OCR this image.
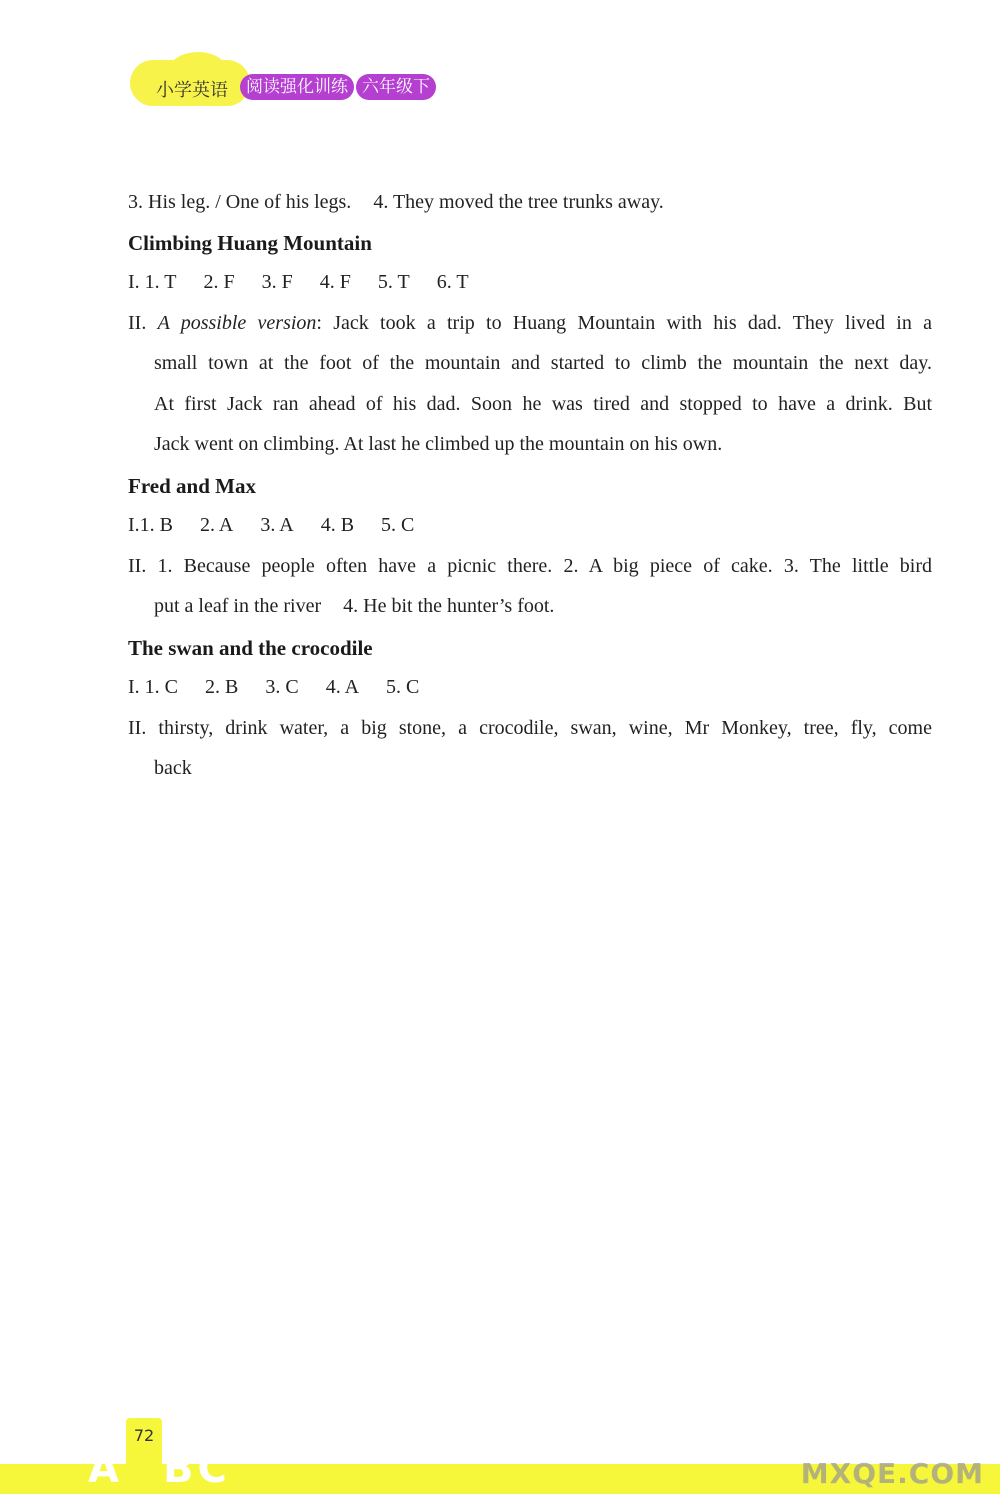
小学英语	阅读强化训练 六年级下
3. His leg. / One of his legs. 4. They moved the tree trunks away.
Climbing Huang Mountain
I. 1. T 2. F 3. F 4. F 5. T 6. T
II. A possible version: Jack took a trip to Huang Mountain with his dad. They lived in a
small town at the foot of the mountain and started to climb the mountain the next day.
At first Jack ran ahead of his dad. Soon he was tired and stopped to have a drink. But
Jack went on climbing. At last he climbed up the mountain on his own.
Fred and Max
I.1. B 2. A 3. A 4. B 5. C
II. 1. Because people often have a picnic there. 2. A big piece of cake. 3. The little bird
put a leaf in the river 4. He bit the hunter’s foot.
The swan and the crocodile
I. 1. C 2. B 3. C 4. A 5. C
II. thirsty, drink water, a big stone, a crocodile, swan, wine, Mr Monkey, tree, fly, come
back
72
A BC	MXQE.COM
